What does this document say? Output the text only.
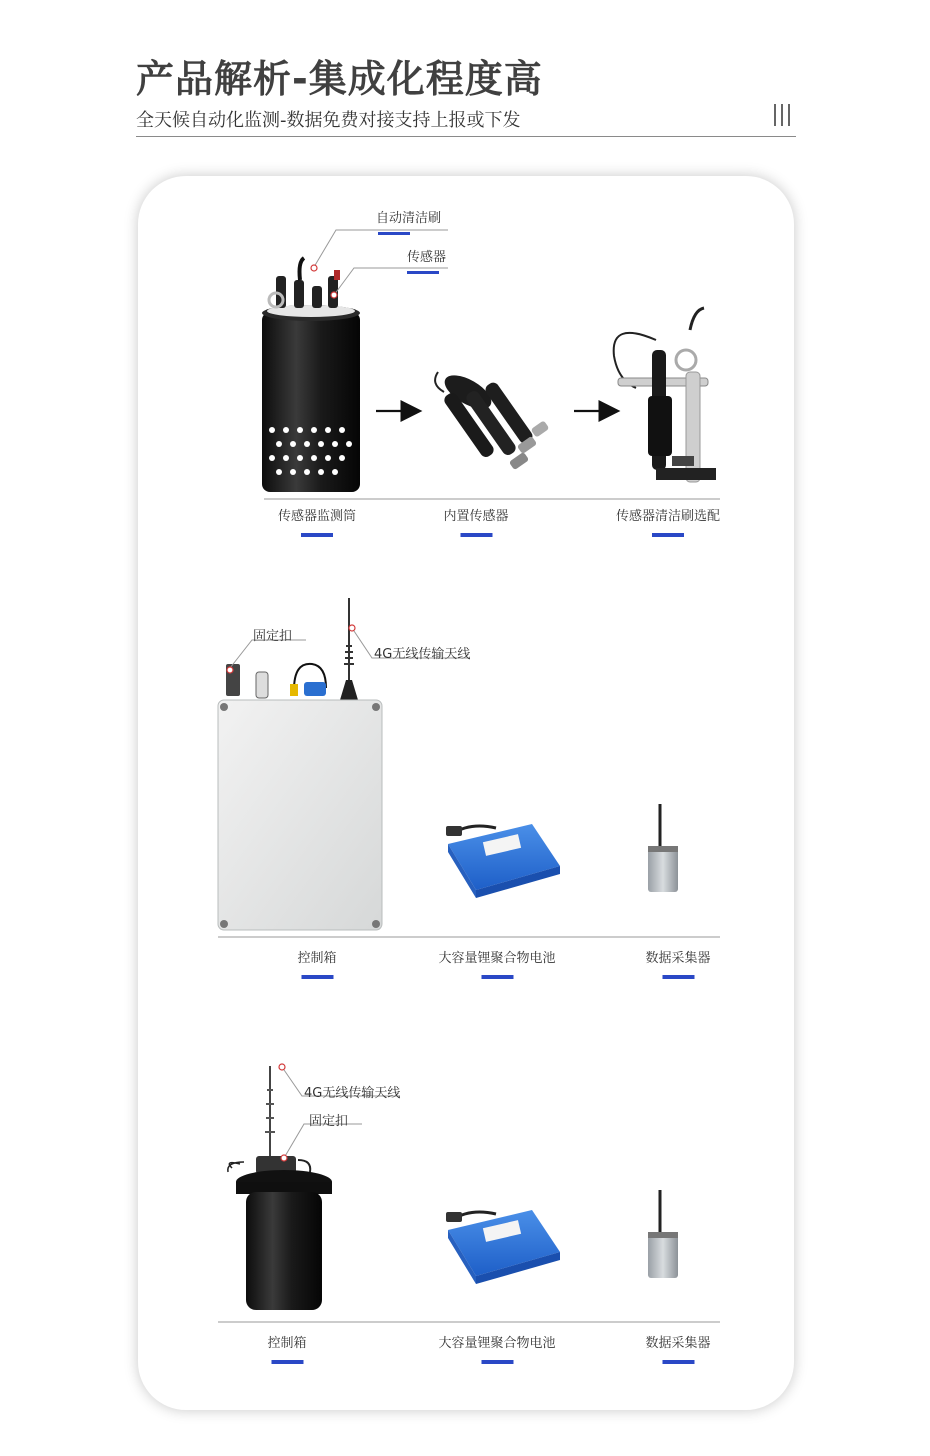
产品解析-集成化程度高
全天候自动化监测-数据免费对接支持上报或下发
自动清洁刷
传感器
传感器监测筒	内置传感器	传感器清洁刷选配
固定扣
4G无线传输天线
控制箱	大容量锂聚合物电池	数据采集器
4G无线传输天线
固定扣
控制箱	大容量锂聚合物电池	数据采集器
